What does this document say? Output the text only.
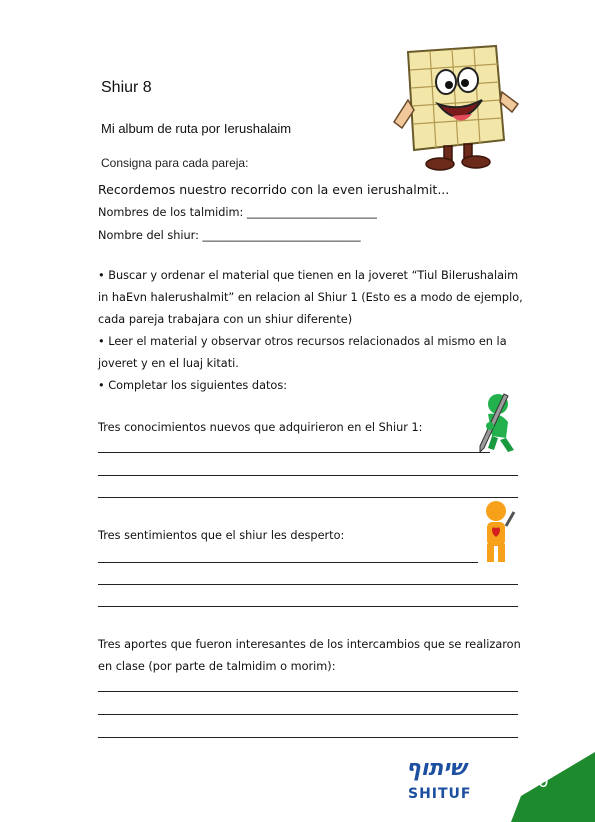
Shiur 8
Mi album de ruta por Ierushalaim
Consigna para cada pareja:
Recordemos nuestro recorrido con la even ierushalmit...
Nombres de los talmidim: _______________________
Nombre del shiur: ____________________________
• Buscar y ordenar el material que tienen en la joveret “Tiul BiIerushalaim in haEvn haIerushalmit” en relacion al Shiur 1 (Esto es a modo de ejemplo, cada pareja trabajara con un shiur diferente)
• Leer el material y observar otros recursos relacionados al mismo en la joveret y en el luaj kitati.
• Completar los siguientes datos:
Tres conocimientos nuevos que adquirieron en el Shiur 1:
Tres sentimientos que el shiur les desperto:
Tres aportes que fueron interesantes de los intercambios que se realizaron en clase (por parte de talmidim o morim):
שיתוף
SHITUF
20
